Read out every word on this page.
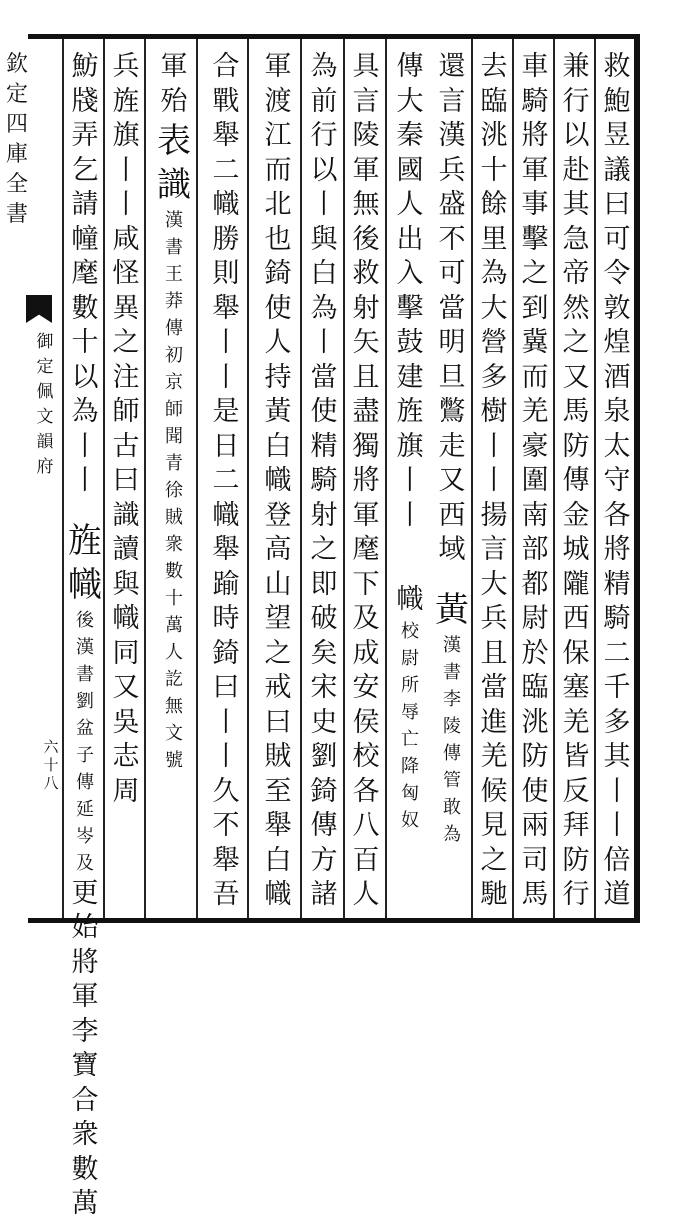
欽
定
四
庫
全
書
御
定
佩
文
韻
府
六
十
八
救
鮑
昱
議
曰
可
令
敦
煌
酒
泉
太
守
各
將
精
騎
二
千
多
其
丨
丨
倍
道
兼
行
以
赴
其
急
帝
然
之
又
馬
防
傳
金
城
隴
西
保
塞
羌
皆
反
拜
防
行
車
騎
將
軍
事
擊
之
到
冀
而
羌
豪
圍
南
部
都
尉
於
臨
洮
防
使
兩
司
馬
去
臨
洮
十
餘
里
為
大
營
多
樹
丨
丨
揚
言
大
兵
且
當
進
羌
候
見
之
馳
還
言
漢
兵
盛
不
可
當
明
旦
鷩
走
又
西
域
黃
漢
書
李
陵
傳
管
敢
為
傳
大
秦
國
人
出
入
擊
鼓
建
旌
旗
丨
丨
幟
校
尉
所
辱
亡
降
匈
奴
具
言
陵
軍
無
後
救
射
矢
且
盡
獨
將
軍
麾
下
及
成
安
侯
校
各
八
百
人
為
前
行
以
丨
與
白
為
丨
當
使
精
騎
射
之
即
破
矣
宋
史
劉
錡
傳
方
諸
軍
渡
江
而
北
也
錡
使
人
持
黃
白
幟
登
高
山
望
之
戒
曰
賊
至
舉
白
幟
合
戰
舉
二
幟
勝
則
舉
丨
丨
是
日
二
幟
舉
踰
時
錡
曰
丨
丨
久
不
舉
吾
軍
殆
表
識
漢
書
王
莽
傳
初
京
師
聞
青
徐
賊
衆
數
十
萬
人
訖
無
文
號
兵
旌
旗
丨
丨
咸
怪
異
之
注
師
古
曰
識
讀
與
幟
同
又
吳
志
周
魴
牋
弄
乞
請
幢
麾
數
十
以
為
丨
丨
旌
幟
後
漢
書
劉
盆
子
傳
延
岑
及
更
始
將
軍
李
寶
合
衆
數
萬
